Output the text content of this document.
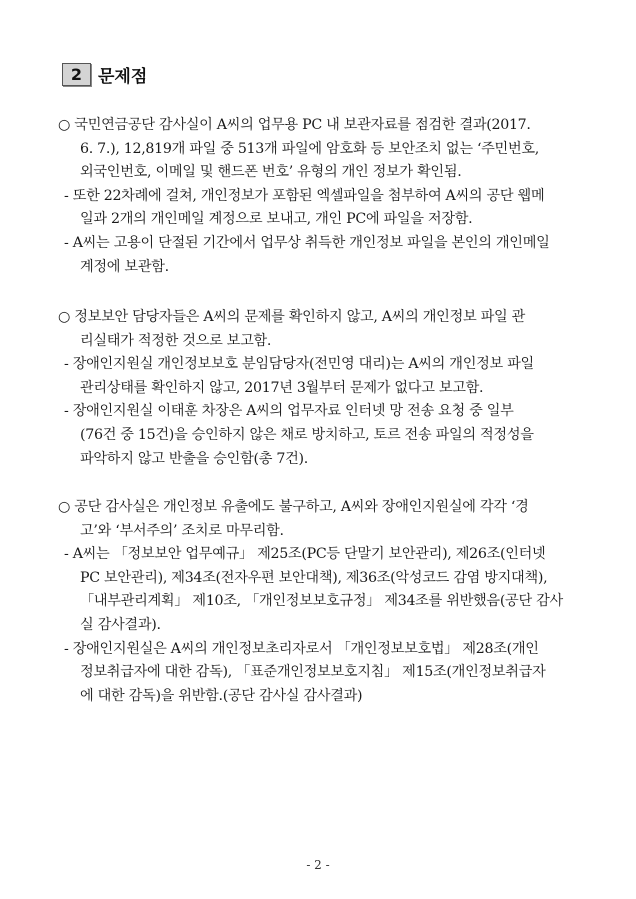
2 문제점
○ 국민연금공단 감사실이 A씨의 업무용 PC 내 보관자료를 점검한 결과(2017.
6. 7.), 12,819개 파일 중 513개 파일에 암호화 등 보안조치 없는 ‘주민번호,
외국인번호, 이메일 및 핸드폰 번호’ 유형의 개인 정보가 확인됨.
- 또한 22차례에 걸쳐, 개인정보가 포함된 엑셀파일을 첨부하여 A씨의 공단 웹메
일과 2개의 개인메일 계정으로 보내고, 개인 PC에 파일을 저장함.
- A씨는 고용이 단절된 기간에서 업무상 취득한 개인정보 파일을 본인의 개인메일
계정에 보관함.
○ 정보보안 담당자들은 A씨의 문제를 확인하지 않고, A씨의 개인정보 파일 관
리실태가 적정한 것으로 보고함.
- 장애인지원실 개인정보보호 분임담당자(전민영 대리)는 A씨의 개인정보 파일
관리상태를 확인하지 않고, 2017년 3월부터 문제가 없다고 보고함.
- 장애인지원실 이태훈 차장은 A씨의 업무자료 인터넷 망 전송 요청 중 일부
(76건 중 15건)을 승인하지 않은 채로 방치하고, 토르 전송 파일의 적정성을
파악하지 않고 반출을 승인함(총 7건).
○ 공단 감사실은 개인정보 유출에도 불구하고, A씨와 장애인지원실에 각각 ‘경
고’와 ‘부서주의’ 조치로 마무리함.
- A씨는 「정보보안 업무예규」 제25조(PC등 단말기 보안관리), 제26조(인터넷
PC 보안관리), 제34조(전자우편 보안대책), 제36조(악성코드 감염 방지대책),
「내부관리계획」 제10조, 「개인정보보호규정」 제34조를 위반했음(공단 감사
실 감사결과).
- 장애인지원실은 A씨의 개인정보초리자로서 「개인정보보호법」 제28조(개인
정보취급자에 대한 감독), 「표준개인정보보호지침」 제15조(개인정보취급자
에 대한 감독)을 위반함.(공단 감사실 감사결과)
- 2 -
